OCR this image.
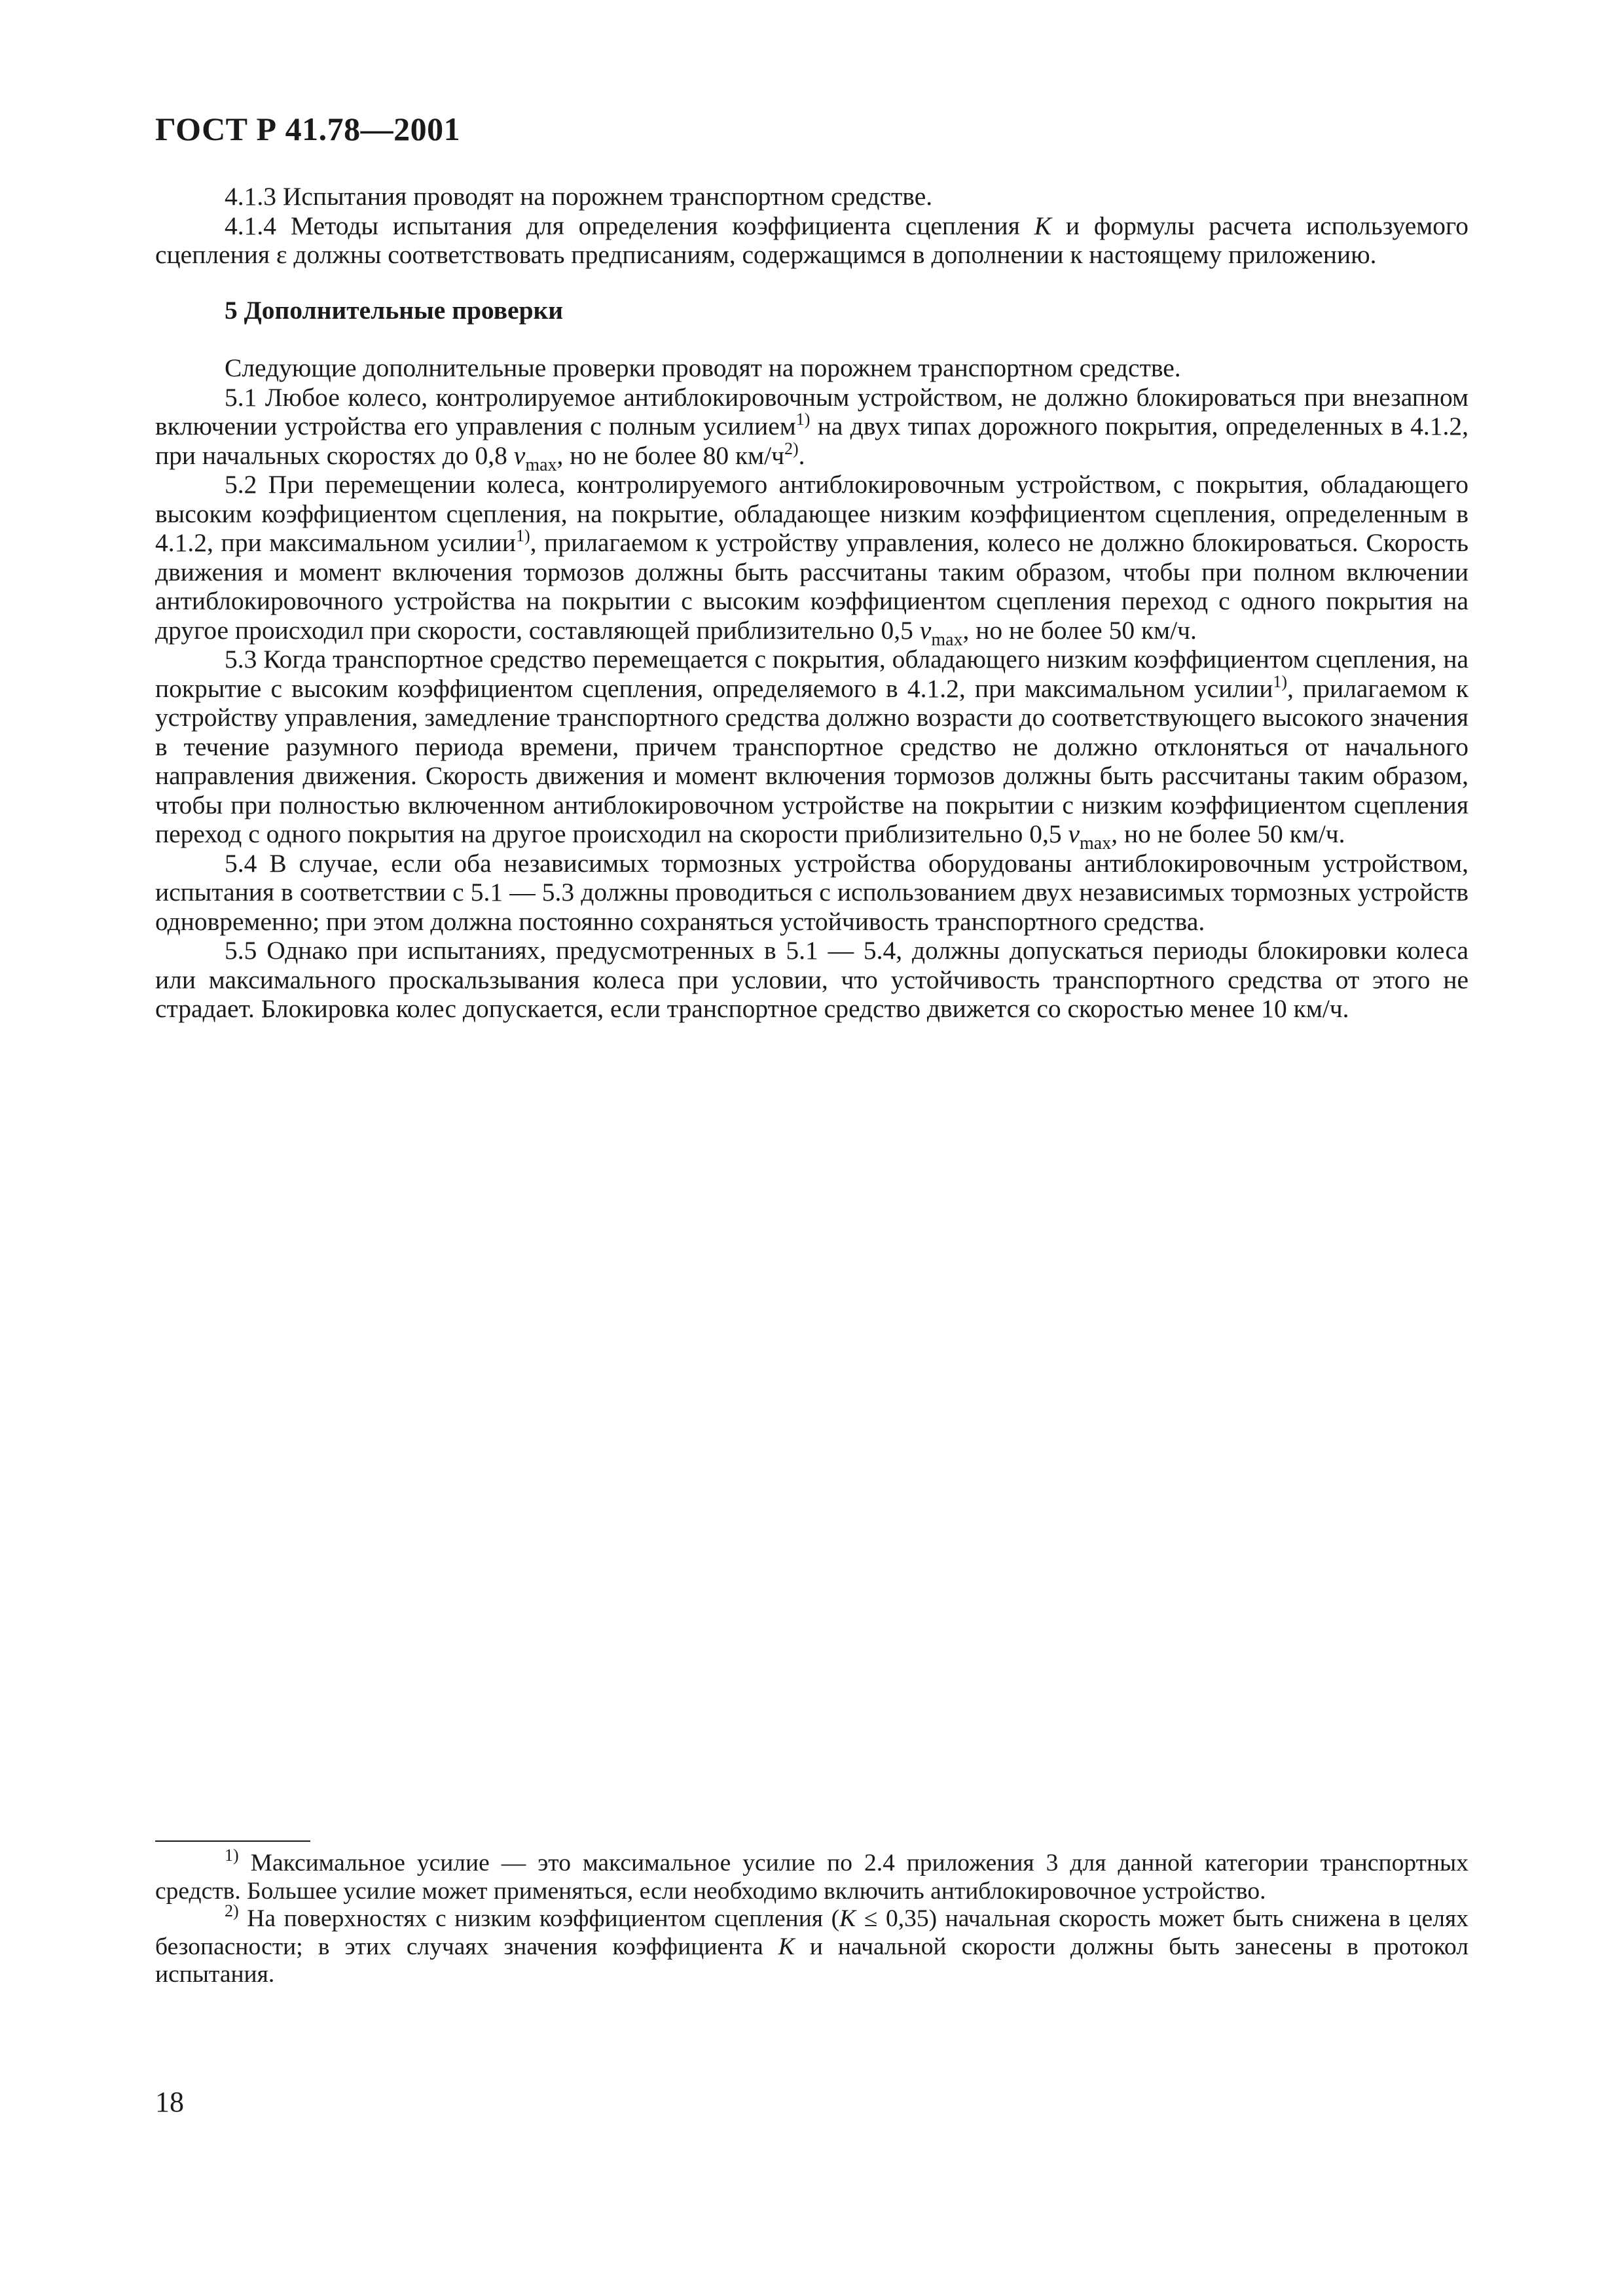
ГОСТ Р 41.78—2001

4.1.3 Испытания проводят на порожнем транспортном средстве.

4.1.4 Методы испытания для определения коэффициента сцепления K и формулы расчета используемого сцепления ε должны соответствовать предписаниям, содержащимся в дополнении к настоящему приложению.

5 Дополнительные проверки

Следующие дополнительные проверки проводят на порожнем транспортном средстве.

5.1 Любое колесо, контролируемое антиблокировочным устройством, не должно блокироваться при внезапном включении устройства его управления с полным усилием$^{1)}$ на двух типах дорожного покрытия, определенных в 4.1.2, при начальных скоростях до 0,8 $v_{max}$, но не более 80 км/ч$^{2)}$.

5.2 При перемещении колеса, контролируемого антиблокировочным устройством, с покрытия, обладающего высоким коэффициентом сцепления, на покрытие, обладающее низким коэффициентом сцепления, определенным в 4.1.2, при максимальном усилии$^{1)}$, прилагаемом к устройству управления, колесо не должно блокироваться. Скорость движения и момент включения тормозов должны быть рассчитаны таким образом, чтобы при полном включении антиблокировочного устройства на покрытии с высоким коэффициентом сцепления переход с одного покрытия на другое происходил при скорости, составляющей приблизительно 0,5 $v_{max}$, но не более 50 км/ч.

5.3 Когда транспортное средство перемещается с покрытия, обладающего низким коэффициентом сцепления, на покрытие с высоким коэффициентом сцепления, определяемого в 4.1.2, при максимальном усилии$^{1)}$, прилагаемом к устройству управления, замедление транспортного средства должно возрасти до соответствующего высокого значения в течение разумного периода времени, причем транспортное средство не должно отклоняться от начального направления движения. Скорость движения и момент включения тормозов должны быть рассчитаны таким образом, чтобы при полностью включенном антиблокировочном устройстве на покрытии с низким коэффициентом сцепления переход с одного покрытия на другое происходил на скорости приблизительно 0,5 $v_{max}$, но не более 50 км/ч.

5.4 В случае, если оба независимых тормозных устройства оборудованы антиблокировочным устройством, испытания в соответствии с 5.1 — 5.3 должны проводиться с использованием двух независимых тормозных устройств одновременно; при этом должна постоянно сохраняться устойчивость транспортного средства.

5.5 Однако при испытаниях, предусмотренных в 5.1 — 5.4, должны допускаться периоды блокировки колеса или максимального проскальзывания колеса при условии, что устойчивость транспортного средства от этого не страдает. Блокировка колес допускается, если транспортное средство движется со скоростью менее 10 км/ч.

$^{1)}$ Максимальное усилие — это максимальное усилие по 2.4 приложения 3 для данной категории транспортных средств. Большее усилие может применяться, если необходимо включить антиблокировочное устройство.

$^{2)}$ На поверхностях с низким коэффициентом сцепления (K ≤ 0,35) начальная скорость может быть снижена в целях безопасности; в этих случаях значения коэффициента K и начальной скорости должны быть занесены в протокол испытания.

18
